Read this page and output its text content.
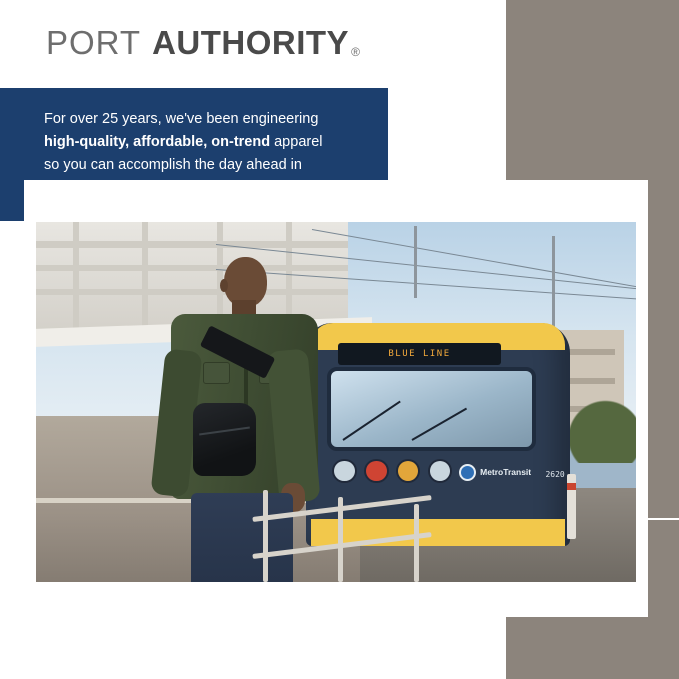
PORT AUTHORITY ®

For over 25 years, we've been engineering
high-quality, affordable, on-trend apparel
so you can accomplish the day ahead in

BLUE LINE
2620
MetroTransit
